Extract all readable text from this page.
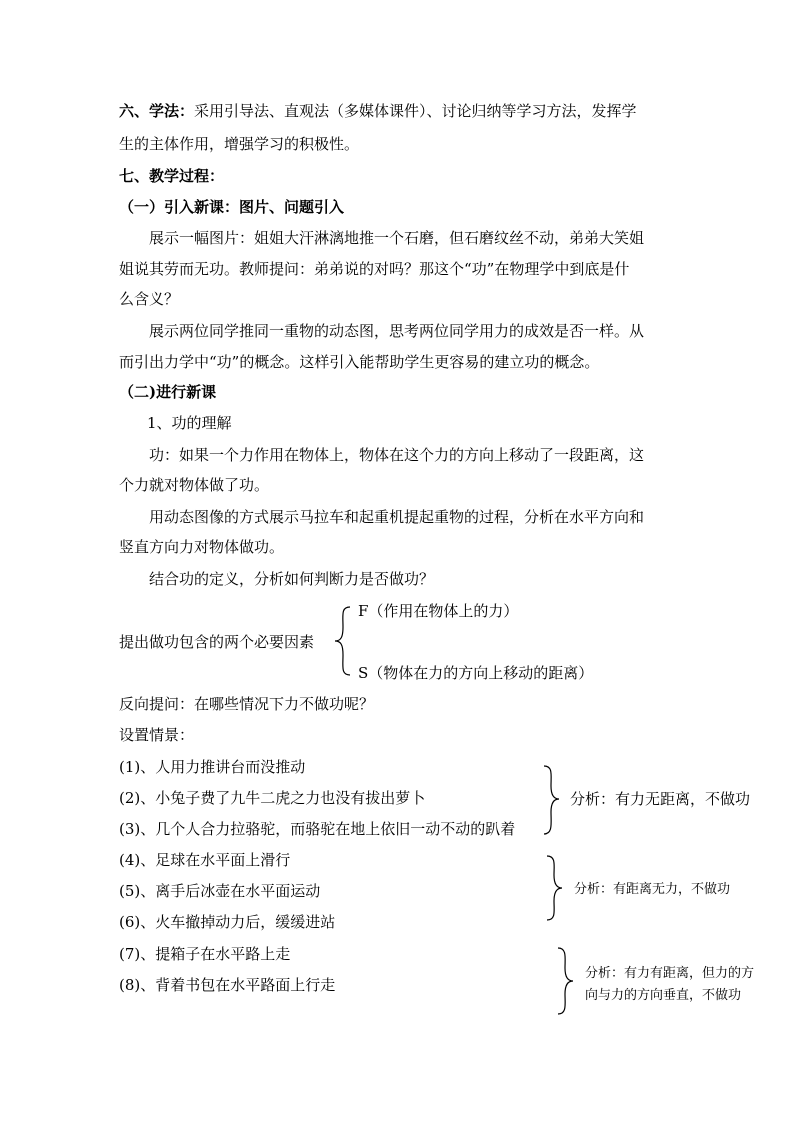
六、学法：采用引导法、直观法（多媒体课件）、讨论归纳等学习方法，发挥学
生的主体作用，增强学习的积极性。
七、教学过程：
（一）引入新课：图片、问题引入
展示一幅图片：姐姐大汗淋漓地推一个石磨，但石磨纹丝不动，弟弟大笑姐
姐说其劳而无功。教师提问：弟弟说的对吗？那这个“功”在物理学中到底是什
么含义？
展示两位同学推同一重物的动态图，思考两位同学用力的成效是否一样。从
而引出力学中“功”的概念。这样引入能帮助学生更容易的建立功的概念。
（二)进行新课
1、功的理解
功：如果一个力作用在物体上，物体在这个力的方向上移动了一段距离，这
个力就对物体做了功。
用动态图像的方式展示马拉车和起重机提起重物的过程，分析在水平方向和
竖直方向力对物体做功。
结合功的定义，分析如何判断力是否做功？
F（作用在物体上的力）
提出做功包含的两个必要因素
S（物体在力的方向上移动的距离）
反向提问：在哪些情况下力不做功呢？
设置情景：
(1)、人用力推讲台而没推动
(2)、小兔子费了九牛二虎之力也没有拔出萝卜
(3)、几个人合力拉骆驼，而骆驼在地上依旧一动不动的趴着
分析：有力无距离，不做功
(4)、足球在水平面上滑行
(5)、离手后冰壶在水平面运动
(6)、火车撤掉动力后，缓缓进站
分析：有距离无力，不做功
(7)、提箱子在水平路上走
(8)、背着书包在水平路面上行走
分析：有力有距离，但力的方
向与力的方向垂直，不做功
